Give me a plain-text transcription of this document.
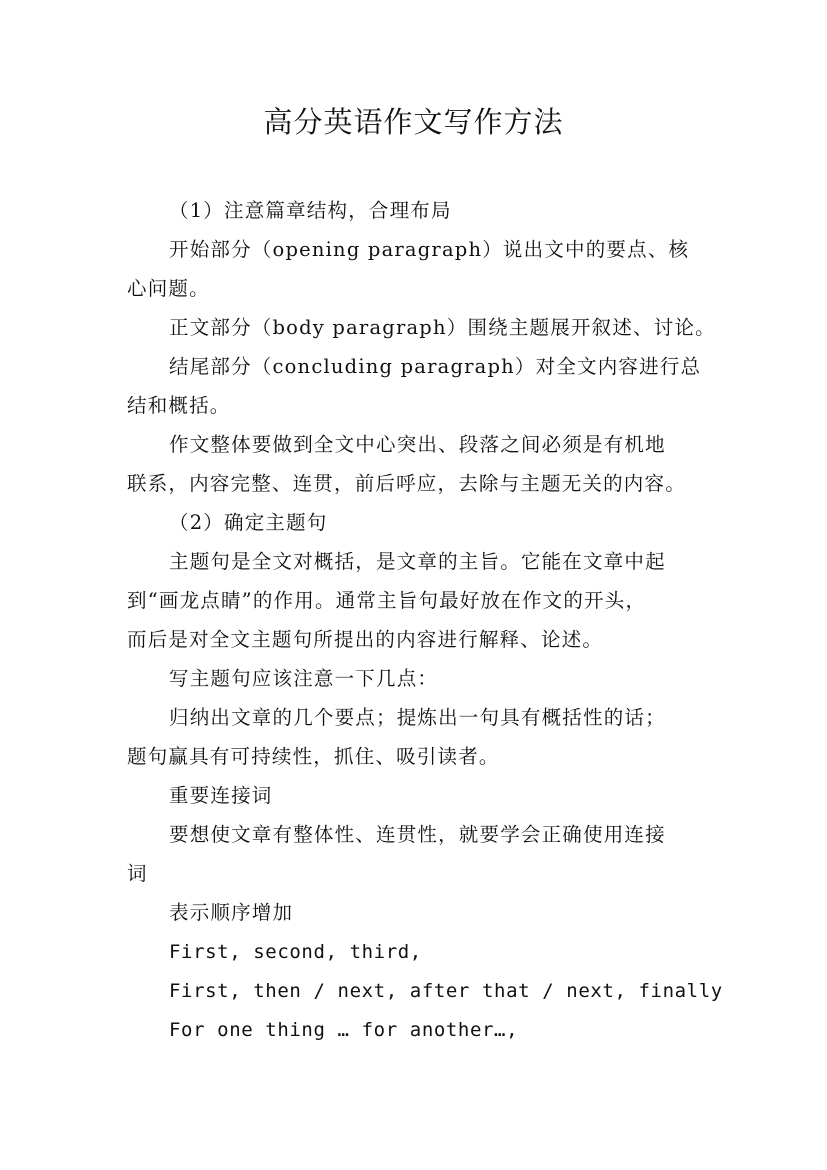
高分英语作文写作方法
（1）注意篇章结构，合理布局
开始部分（opening paragraph）说出文中的要点、核
心问题。
正文部分（body paragraph）围绕主题展开叙述、讨论。
结尾部分（concluding paragraph）对全文内容进行总
结和概括。
作文整体要做到全文中心突出、段落之间必须是有机地
联系，内容完整、连贯，前后呼应，去除与主题无关的内容。
（2）确定主题句
主题句是全文对概括，是文章的主旨。它能在文章中起
到“画龙点睛”的作用。通常主旨句最好放在作文的开头，
而后是对全文主题句所提出的内容进行解释、论述。
写主题句应该注意一下几点：
归纳出文章的几个要点；提炼出一句具有概括性的话；
题句赢具有可持续性，抓住、吸引读者。
重要连接词
要想使文章有整体性、连贯性，就要学会正确使用连接
词
表示顺序增加
First, second, third,
First, then / next, after that / next, finally
For one thing … for another…,
